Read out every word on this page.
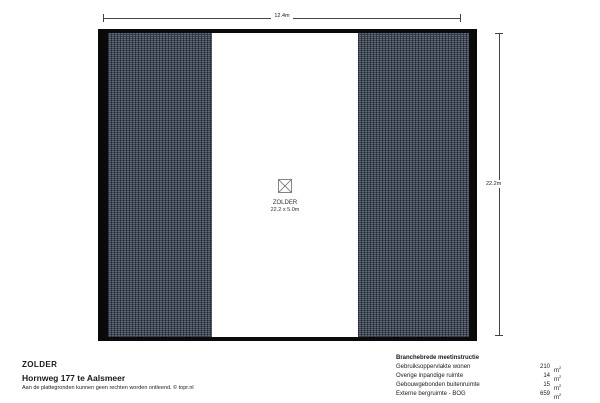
12.4m
22.2m
ZOLDER
22.2 x 5.0m
ZOLDER
Hornweg 177 te Aalsmeer
Aan de plattegronden kunnen geen rechten worden ontleend. © topr.nl
Branchebrede meetinstructie
Gebruiksoppervlakte wonen	210
$m^2$
Overige inpandige ruimte	14
$m^2$
Gebouwgebonden buitenruimte	15
$m^2$
Externe bergruimte - BOG	659
$m^2$
